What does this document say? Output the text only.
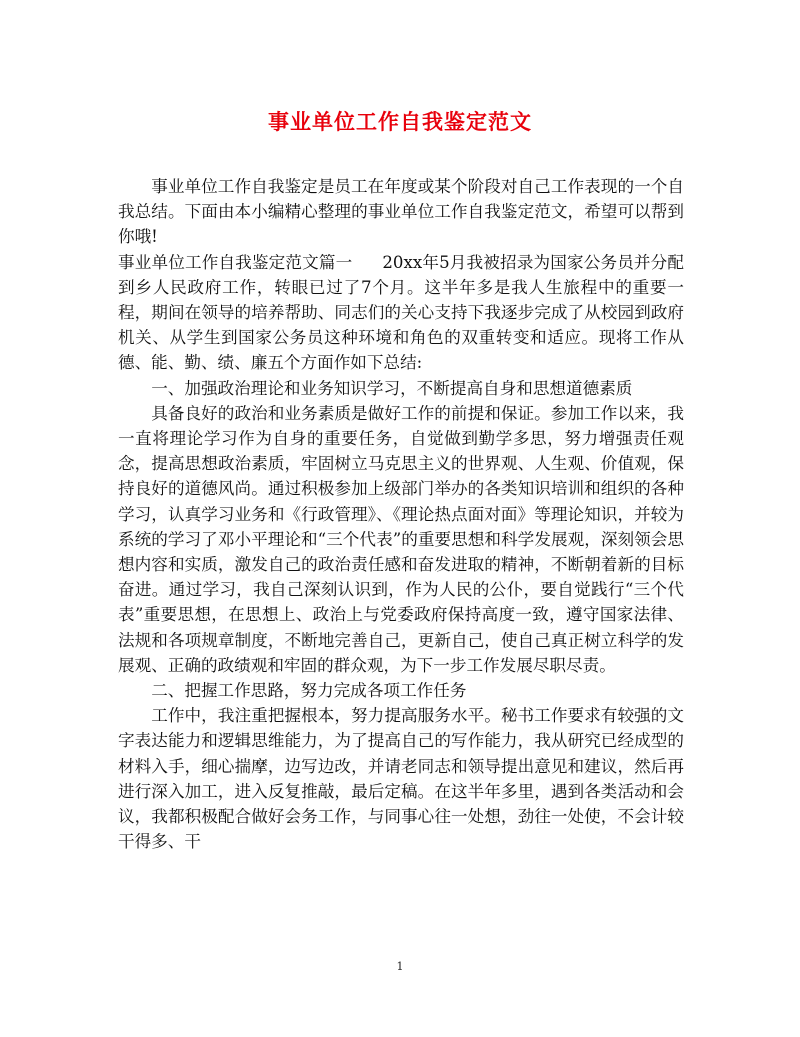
事业单位工作自我鉴定范文

事业单位工作自我鉴定是员工在年度或某个阶段对自己工作表现的一个自我总结。下面由本小编精心整理的事业单位工作自我鉴定范文，希望可以帮到你哦!

事业单位工作自我鉴定范文篇一 20xx年5月我被招录为国家公务员并分配到乡人民政府工作，转眼已过了7个月。这半年多是我人生旅程中的重要一程，期间在领导的培养帮助、同志们的关心支持下我逐步完成了从校园到政府机关、从学生到国家公务员这种环境和角色的双重转变和适应。现将工作从德、能、勤、绩、廉五个方面作如下总结:

一、加强政治理论和业务知识学习，不断提高自身和思想道德素质

具备良好的政治和业务素质是做好工作的前提和保证。参加工作以来，我一直将理论学习作为自身的重要任务，自觉做到勤学多思，努力增强责任观念，提高思想政治素质，牢固树立马克思主义的世界观、人生观、价值观，保持良好的道德风尚。通过积极参加上级部门举办的各类知识培训和组织的各种学习，认真学习业务和《行政管理》、《理论热点面对面》等理论知识，并较为系统的学习了邓小平理论和“三个代表”的重要思想和科学发展观，深刻领会思想内容和实质，激发自己的政治责任感和奋发进取的精神，不断朝着新的目标奋进。通过学习，我自己深刻认识到，作为人民的公仆，要自觉践行“三个代表”重要思想，在思想上、政治上与党委政府保持高度一致，遵守国家法律、法规和各项规章制度，不断地完善自己，更新自己，使自己真正树立科学的发展观、正确的政绩观和牢固的群众观，为下一步工作发展尽职尽责。

二、把握工作思路，努力完成各项工作任务

工作中，我注重把握根本，努力提高服务水平。秘书工作要求有较强的文字表达能力和逻辑思维能力，为了提高自己的写作能力，我从研究已经成型的材料入手，细心揣摩，边写边改，并请老同志和领导提出意见和建议，然后再进行深入加工，进入反复推敲，最后定稿。在这半年多里，遇到各类活动和会议，我都积极配合做好会务工作，与同事心往一处想，劲往一处使，不会计较干得多、干

1
